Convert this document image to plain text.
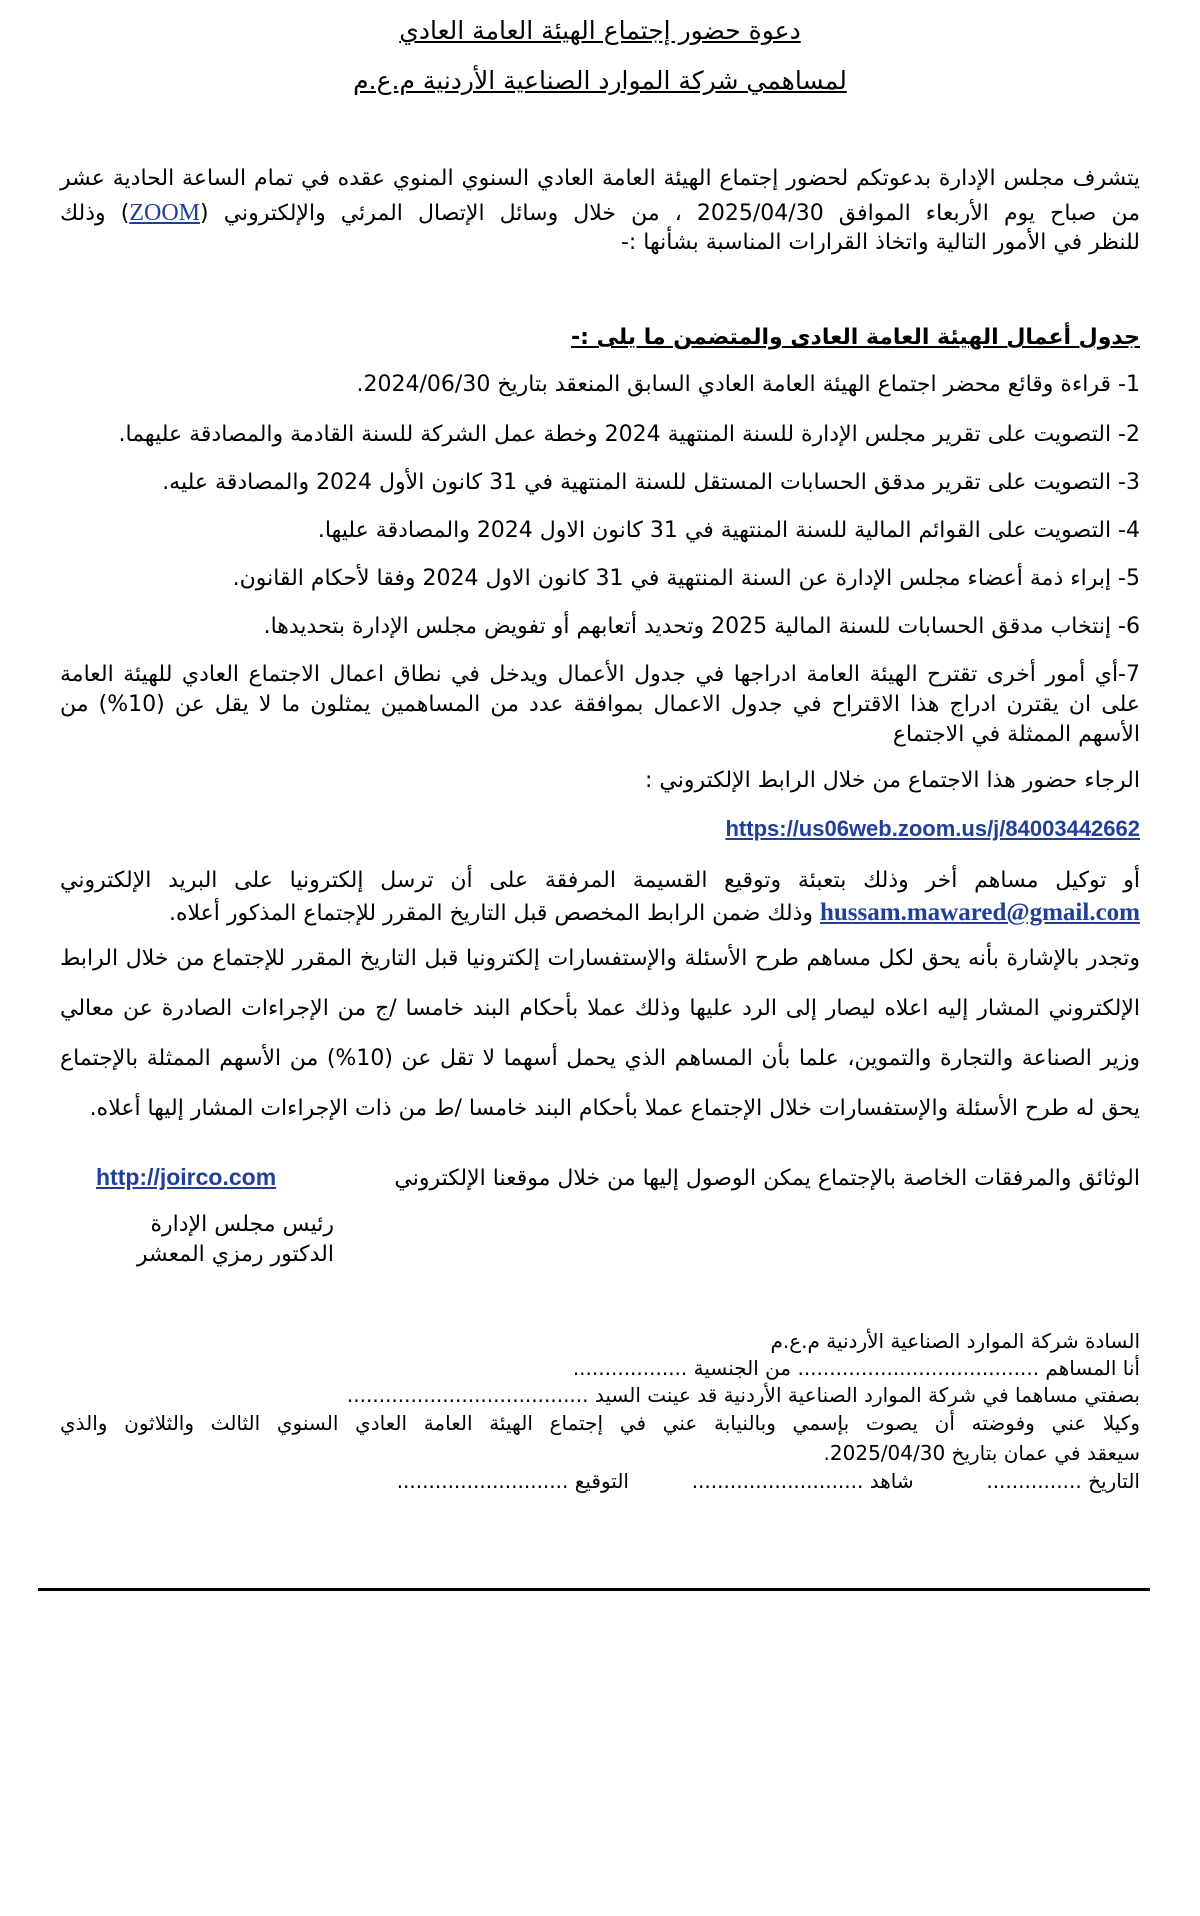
دعوة حضور إجتماع الهيئة العامة العادي

لمساهمي شركة الموارد الصناعية الأردنية م.ع.م

يتشرف مجلس الإدارة بدعوتكم لحضور إجتماع الهيئة العامة العادي السنوي المنوي عقده في تمام الساعة الحادية عشر

من صباح يوم الأربعاء الموافق 2025/04/30 ، من خلال وسائل الإتصال المرئي والإلكتروني (ZOOM) وذلك

للنظر في الأمور التالية واتخاذ القرارات المناسبة بشأنها :-

جدول أعمال الهيئة العامة العادى والمتضمن ما يلى :-

1- قراءة وقائع محضر اجتماع الهيئة العامة العادي السابق المنعقد بتاريخ 2024/06/30.

2- التصويت على تقرير مجلس الإدارة للسنة المنتهية 2024 وخطة عمل الشركة للسنة القادمة والمصادقة عليهما.

3- التصويت على تقرير مدقق الحسابات المستقل للسنة المنتهية في 31 كانون الأول 2024 والمصادقة عليه.

4- التصويت على القوائم المالية للسنة المنتهية في 31 كانون الاول 2024 والمصادقة عليها.

5- إبراء ذمة أعضاء مجلس الإدارة عن السنة المنتهية في 31 كانون الاول 2024 وفقا لأحكام القانون.

6- إنتخاب مدقق الحسابات للسنة المالية 2025 وتحديد أتعابهم أو تفويض مجلس الإدارة بتحديدها.

7-أي أمور أخرى تقترح الهيئة العامة ادراجها في جدول الأعمال ويدخل في نطاق اعمال الاجتماع العادي للهيئة العامة

على ان يقترن ادراج هذا الاقتراح في جدول الاعمال بموافقة عدد من المساهمين يمثلون ما لا يقل عن (10%) من

الأسهم الممثلة في الاجتماع

الرجاء حضور هذا الاجتماع من خلال الرابط الإلكتروني :

https://us06web.zoom.us/j/84003442662

أو توكيل مساهم أخر وذلك بتعبئة وتوقيع القسيمة المرفقة على أن ترسل إلكترونيا على البريد الإلكتروني

hussam.mawared@gmail.com وذلك ضمن الرابط المخصص قبل التاريخ المقرر للإجتماع المذكور أعلاه.

وتجدر بالإشارة بأنه يحق لكل مساهم طرح الأسئلة والإستفسارات إلكترونيا قبل التاريخ المقرر للإجتماع من خلال الرابط

الإلكتروني المشار إليه اعلاه ليصار إلى الرد عليها وذلك عملا بأحكام البند خامسا /ج من الإجراءات الصادرة عن معالي

وزير الصناعة والتجارة والتموين، علما بأن المساهم الذي يحمل أسهما لا تقل عن (10%) من الأسهم الممثلة بالإجتماع

يحق له طرح الأسئلة والإستفسارات خلال الإجتماع عملا بأحكام البند خامسا /ط من ذات الإجراءات المشار إليها أعلاه.

الوثائق والمرفقات الخاصة بالإجتماع يمكن الوصول إليها من خلال موقعنا الإلكتروني

http://joirco.com

رئيس مجلس الإدارة

الدكتور رمزي المعشر

السادة شركة الموارد الصناعية الأردنية م.ع.م

أنا المساهم ...................................... من الجنسية ..................

بصفتي مساهما في شركة الموارد الصناعية الأردنية قد عينت السيد ......................................

وكيلا عني وفوضته أن يصوت بإسمي وبالنيابة عني في إجتماع الهيئة العامة العادي السنوي الثالث والثلاثون والذي

سيعقد في عمان بتاريخ 2025/04/30.

التاريخ ...............  شاهد ...........................  التوقيع ...........................
